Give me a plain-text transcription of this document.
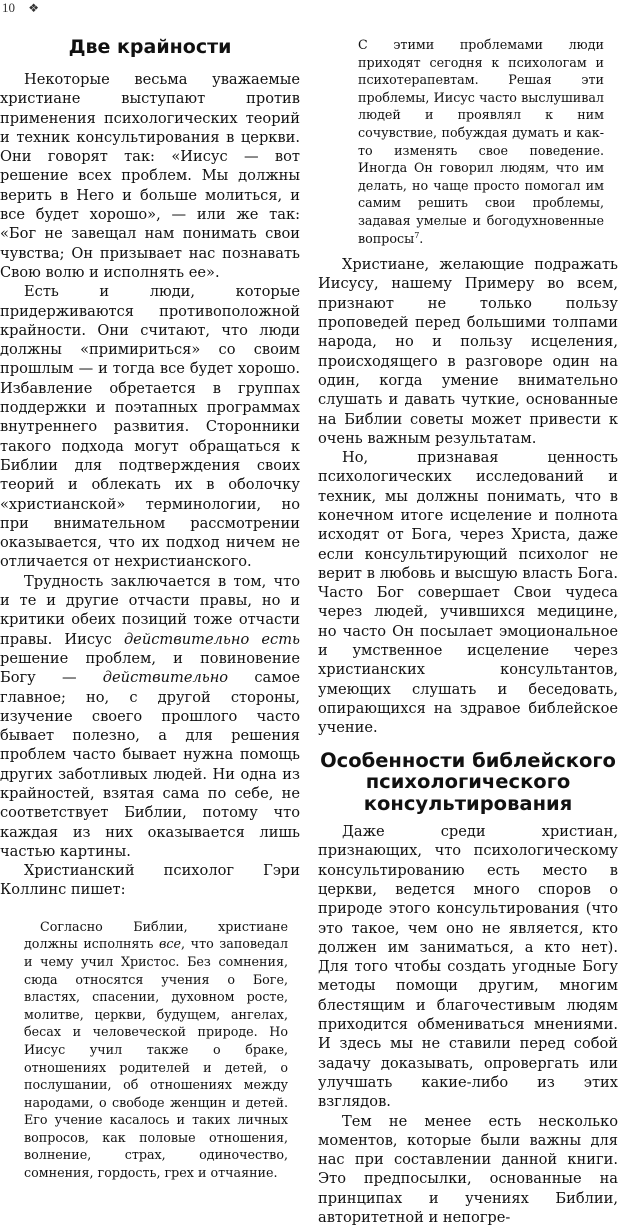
10 ❖
Две крайности

Некоторые весьма уважаемые христиане выступают против применения психологических теорий и техник консультирования в церкви. Они говорят так: «Иисус — вот решение всех проблем. Мы должны верить в Него и больше молиться, и все будет хорошо», — или же так: «Бог не завещал нам понимать свои чувства; Он призывает нас познавать Свою волю и исполнять ее».

Есть и люди, которые придерживаются противоположной крайности. Они считают, что люди должны «примириться» со своим прошлым — и тогда все будет хорошо. Избавление обретается в группах поддержки и поэтапных программах внутреннего развития. Сторонники такого подхода могут обращаться к Библии для подтверждения своих теорий и облекать их в оболочку «христианской» терминологии, но при внимательном рассмотрении оказывается, что их подход ничем не отличается от нехристианского.

Трудность заключается в том, что и те и другие отчасти правы, но и критики обеих позиций тоже отчасти правы. Иисус действительно есть решение проблем, и повиновение Богу — действительно самое главное; но, с другой стороны, изучение своего прошлого часто бывает полезно, а для решения проблем часто бывает нужна помощь других заботливых людей. Ни одна из крайностей, взятая сама по себе, не соответствует Библии, потому что каждая из них оказывается лишь частью картины.

Христианский психолог Гэри Коллинс пишет:

Согласно Библии, христиане должны исполнять все, что заповедал и чему учил Христос. Без сомнения, сюда относятся учения о Боге, властях, спасении, духовном росте, молитве, церкви, будущем, ангелах, бесах и человеческой природе. Но Иисус учил также о браке, отношениях родителей и детей, о послушании, об отношениях между народами, о свободе женщин и детей. Его учение касалось и таких личных вопросов, как половые отношения, волнение, страх, одиночество, сомнения, гордость, грех и отчаяние.

С этими проблемами люди приходят сегодня к психологам и психотерапевтам. Решая эти проблемы, Иисус часто выслушивал людей и проявлял к ним сочувствие, побуждая думать и как-то изменять свое поведение. Иногда Он говорил людям, что им делать, но чаще просто помогал им самим решить свои проблемы, задавая умелые и богодухновенные вопросы$^7$.

Христиане, желающие подражать Иисусу, нашему Примеру во всем, признают не только пользу проповедей перед большими толпами народа, но и пользу исцеления, происходящего в разговоре один на один, когда умение внимательно слушать и давать чуткие, основанные на Библии советы может привести к очень важным результатам.

Но, признавая ценность психологических исследований и техник, мы должны понимать, что в конечном итоге исцеление и полнота исходят от Бога, через Христа, даже если консультирующий психолог не верит в любовь и высшую власть Бога. Часто Бог совершает Свои чудеса через людей, учившихся медицине, но часто Он посылает эмоциональное и умственное исцеление через христианских консультантов, умеющих слушать и беседовать, опирающихся на здравое библейское учение.

Особенности библейского
психологического
консультирования

Даже среди христиан, признающих, что психологическому консультированию есть место в церкви, ведется много споров о природе этого консультирования (что это такое, чем оно не является, кто должен им заниматься, а кто нет). Для того чтобы создать угодные Богу методы помощи другим, многим блестящим и благочестивым людям приходится обмениваться мнениями. И здесь мы не ставили перед собой задачу доказывать, опровергать или улучшать какие-либо из этих взглядов.

Тем не менее есть несколько моментов, которые были важны для нас при составлении данной книги. Это предпосылки, основанные на принципах и учениях Библии, авторитетной и непогре-
